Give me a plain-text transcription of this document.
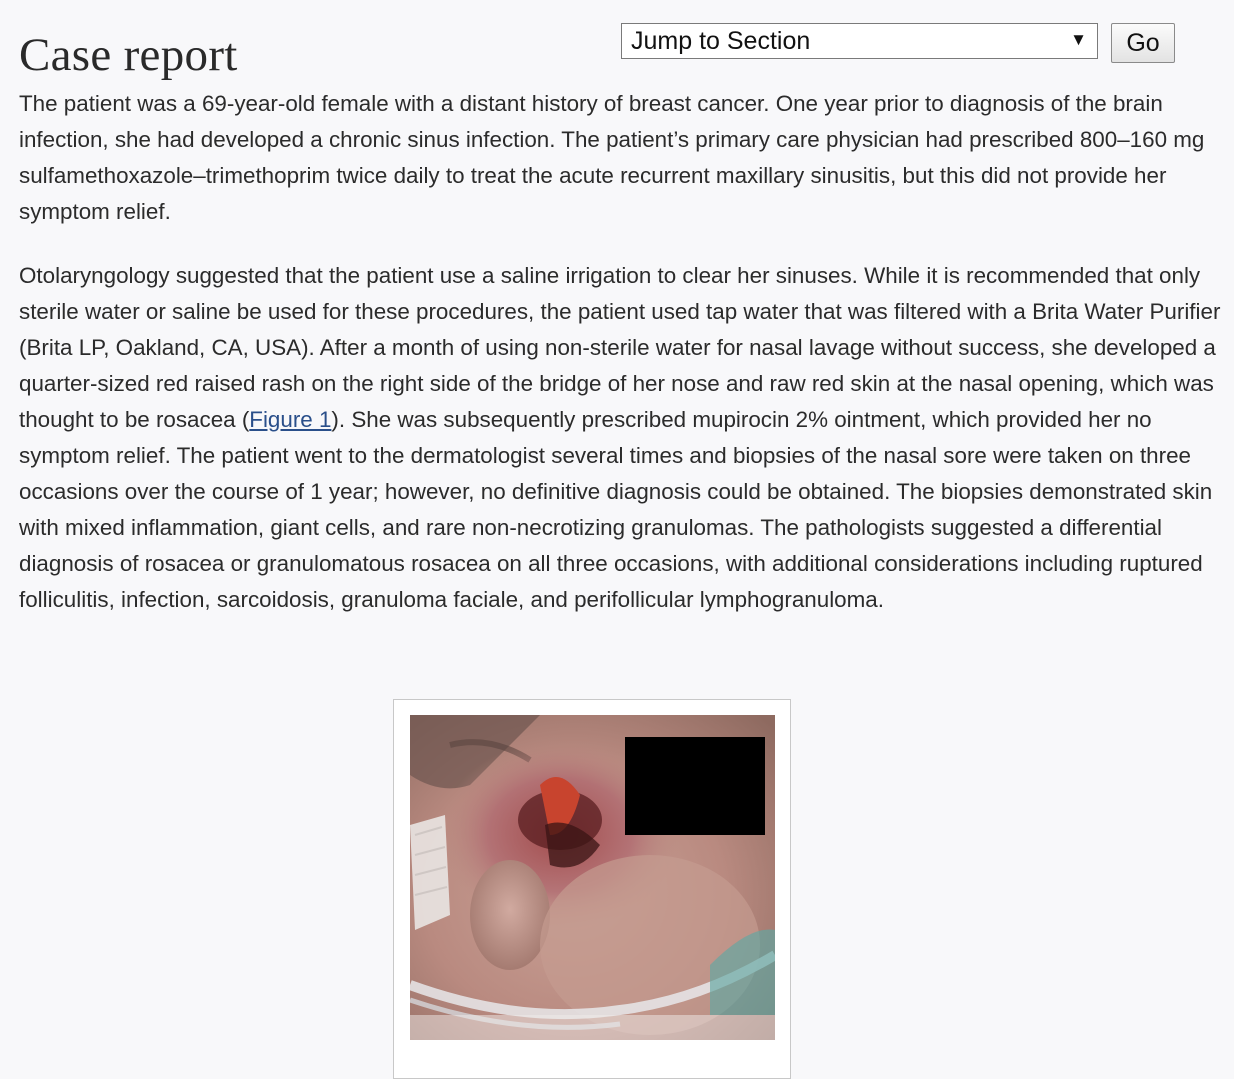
Case report	Jump to Section	▼	Go

The patient was a 69-year-old female with a distant history of breast cancer. One year prior to diagnosis of the brain infection, she had developed a chronic sinus infection. The patient’s primary care physician had prescribed 800–160 mg sulfamethoxazole–trimethoprim twice daily to treat the acute recurrent maxillary sinusitis, but this did not provide her symptom relief.

Otolaryngology suggested that the patient use a saline irrigation to clear her sinuses. While it is recommended that only sterile water or saline be used for these procedures, the patient used tap water that was filtered with a Brita Water Purifier (Brita LP, Oakland, CA, USA). After a month of using non-sterile water for nasal lavage without success, she developed a quarter-sized red raised rash on the right side of the bridge of her nose and raw red skin at the nasal opening, which was thought to be rosacea (Figure 1). She was subsequently prescribed mupirocin 2% ointment, which provided her no symptom relief. The patient went to the dermatologist several times and biopsies of the nasal sore were taken on three occasions over the course of 1 year; however, no definitive diagnosis could be obtained. The biopsies demonstrated skin with mixed inflammation, giant cells, and rare non-necrotizing granulomas. The pathologists suggested a differential diagnosis of rosacea or granulomatous rosacea on all three occasions, with additional considerations including ruptured folliculitis, infection, sarcoidosis, granuloma faciale, and perifollicular lymphogranuloma.
